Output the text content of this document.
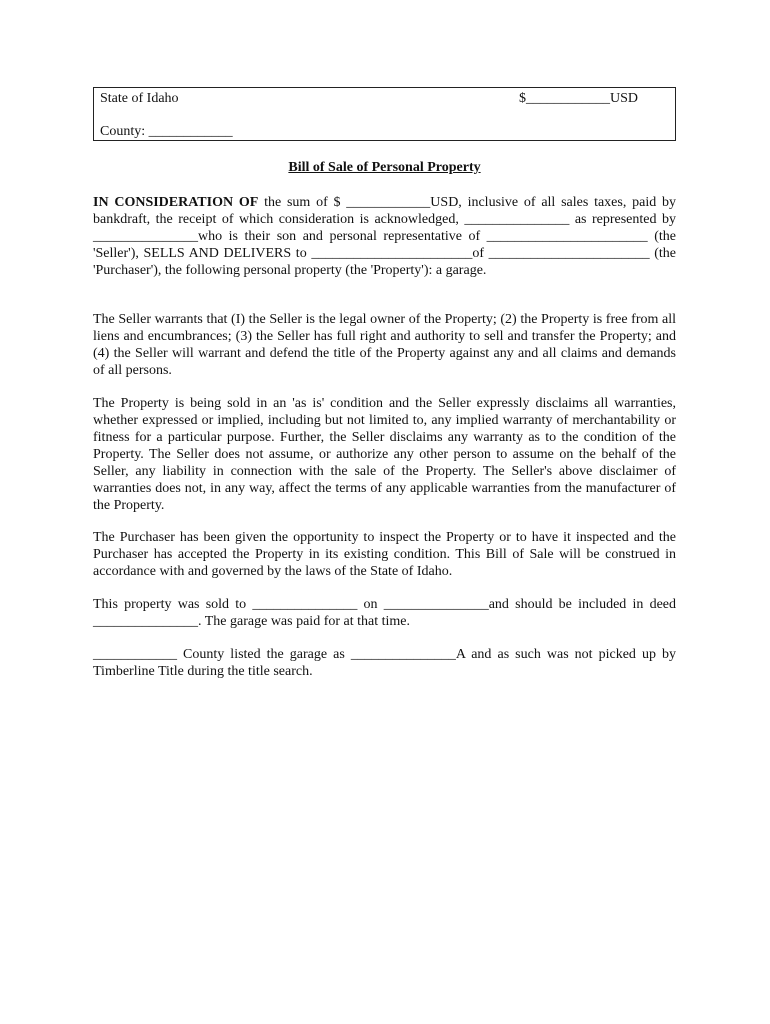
State of Idaho	$____________USD
County: ____________
Bill of Sale of Personal Property

IN CONSIDERATION OF the sum of $ ____________USD, inclusive of all sales taxes, paid by bankdraft, the receipt of which consideration is acknowledged, _______________ as represented by _______________who is their son and personal representative of _______________________ (the 'Seller'), SELLS AND DELIVERS to _______________________of _______________________ (the 'Purchaser'), the following personal property (the 'Property'): a garage.

The Seller warrants that (I) the Seller is the legal owner of the Property; (2) the Property is free from all liens and encumbrances; (3) the Seller has full right and authority to sell and transfer the Property; and (4) the Seller will warrant and defend the title of the Property against any and all claims and demands of all persons.

The Property is being sold in an 'as is' condition and the Seller expressly disclaims all warranties, whether expressed or implied, including but not limited to, any implied warranty of merchantability or fitness for a particular purpose. Further, the Seller disclaims any warranty as to the condition of the Property. The Seller does not assume, or authorize any other person to assume on the behalf of the Seller, any liability in connection with the sale of the Property. The Seller's above disclaimer of warranties does not, in any way, affect the terms of any applicable warranties from the manufacturer of the Property.

The Purchaser has been given the opportunity to inspect the Property or to have it inspected and the Purchaser has accepted the Property in its existing condition. This Bill of Sale will be construed in accordance with and governed by the laws of the State of Idaho.

This property was sold to _______________ on _______________and should be included in deed _______________. The garage was paid for at that time.

____________ County listed the garage as _______________A and as such was not picked up by Timberline Title during the title search.
